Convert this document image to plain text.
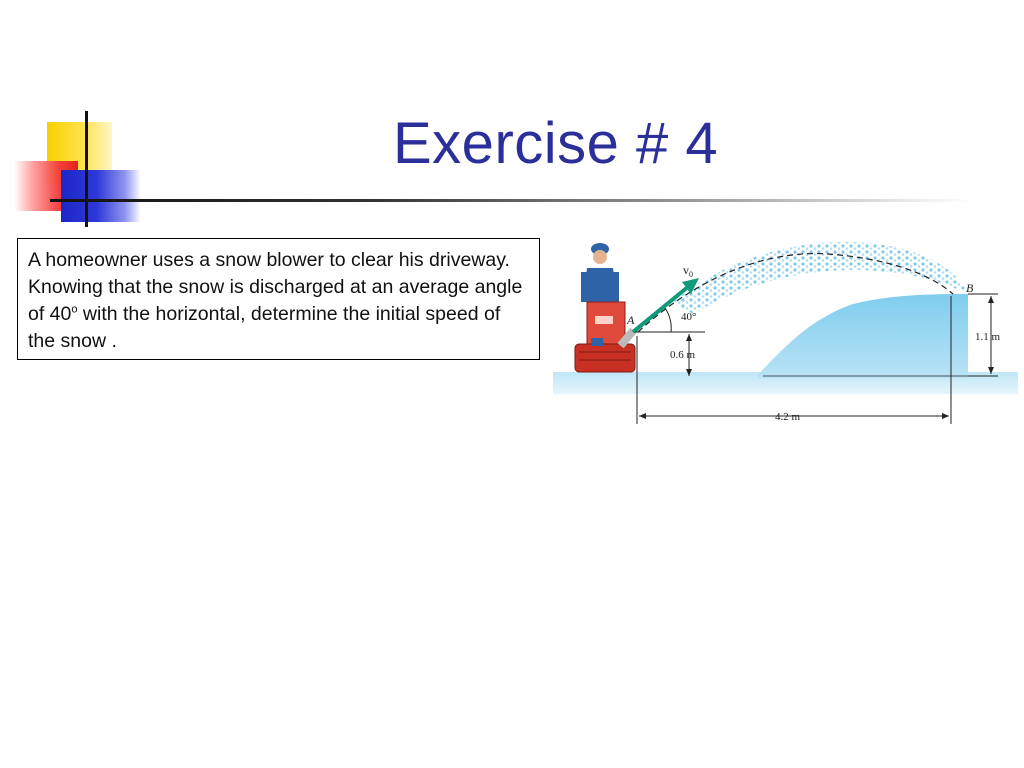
Exercise # 4
A homeowner uses a snow blower to clear his driveway. Knowing that the snow is discharged at an average angle of 40$^o$ with the horizontal, determine the initial speed of the snow .
$v_0$
A
B
40°
0.6 m
1.1 m
4.2 m
